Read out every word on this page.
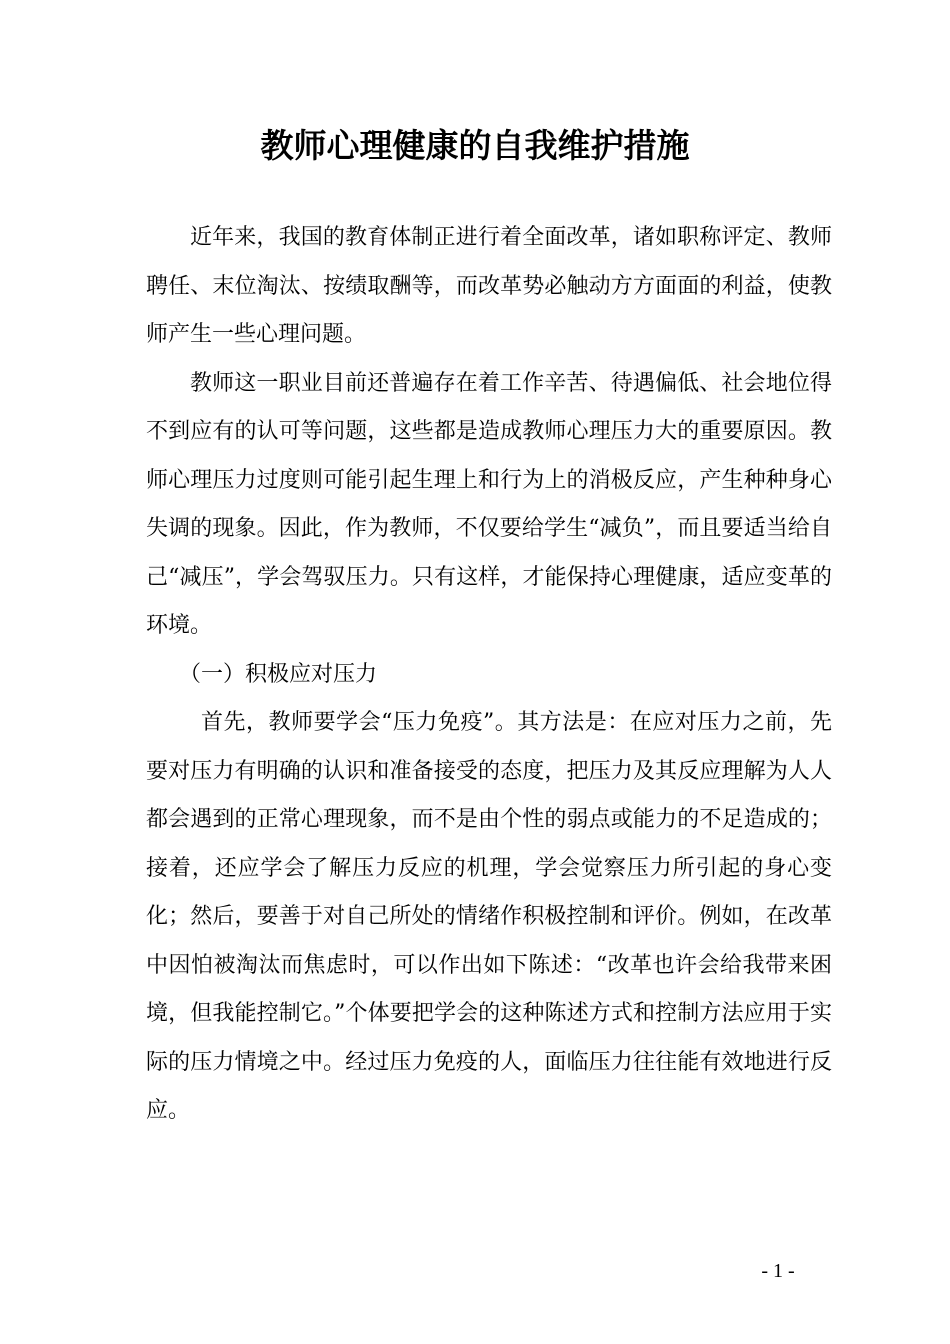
教师心理健康的自我维护措施

近年来，我国的教育体制正进行着全面改革，诸如职称评定、教师聘任、末位淘汰、按绩取酬等，而改革势必触动方方面面的利益，使教师产生一些心理问题。

教师这一职业目前还普遍存在着工作辛苦、待遇偏低、社会地位得不到应有的认可等问题，这些都是造成教师心理压力大的重要原因。教师心理压力过度则可能引起生理上和行为上的消极反应，产生种种身心失调的现象。因此，作为教师，不仅要给学生“减负”，而且要适当给自己“减压”，学会驾驭压力。只有这样，才能保持心理健康，适应变革的环境。

（一）积极应对压力

首先，教师要学会“压力免疫”。其方法是：在应对压力之前，先要对压力有明确的认识和准备接受的态度，把压力及其反应理解为人人都会遇到的正常心理现象，而不是由个性的弱点或能力的不足造成的；接着，还应学会了解压力反应的机理，学会觉察压力所引起的身心变化；然后，要善于对自己所处的情绪作积极控制和评价。例如，在改革中因怕被淘汰而焦虑时，可以作出如下陈述：“改革也许会给我带来困境，但我能控制它。”个体要把学会的这种陈述方式和控制方法应用于实际的压力情境之中。经过压力免疫的人，面临压力往往能有效地进行反应。

- 1 -
